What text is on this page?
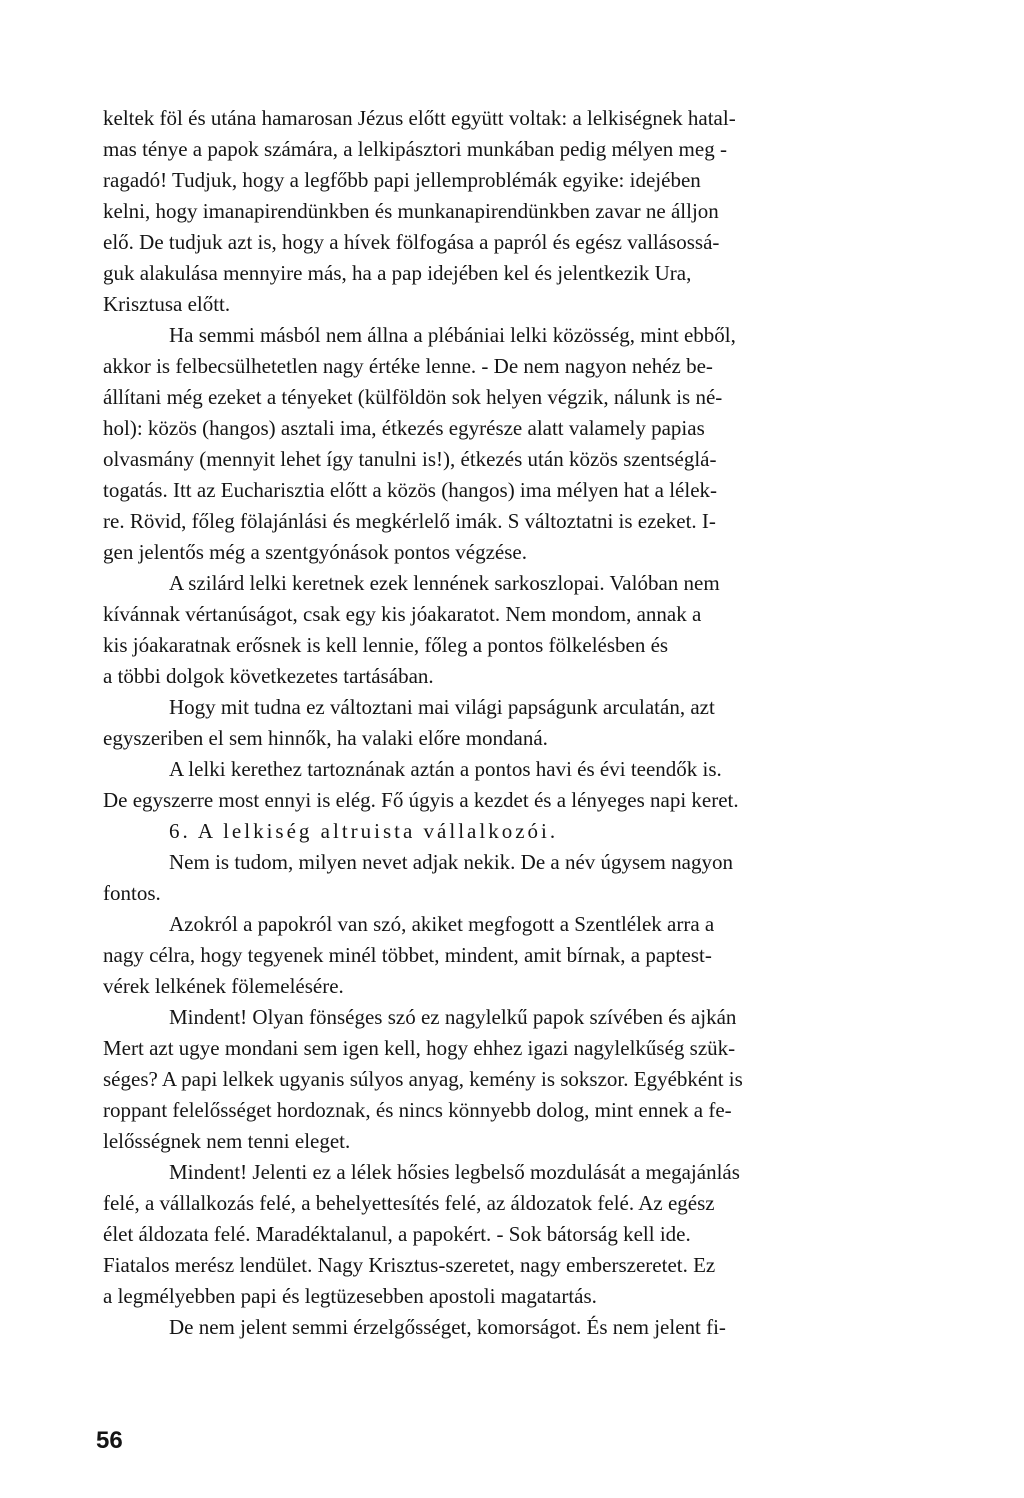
keltek föl és utána hamarosan Jézus előtt együtt voltak: a lelkiségnek hatal-
mas ténye a papok számára, a lelkipásztori munkában pedig mélyen meg -
ragadó! Tudjuk, hogy a legfőbb papi jellemproblémák egyike: idejében
kelni, hogy imanapirendünkben és munkanapirendünkben zavar ne álljon
elő. De tudjuk azt is, hogy a hívek fölfogása a papról és egész vallásossá-
guk alakulása mennyire más, ha a pap idejében kel és jelentkezik Ura,
Krisztusa előtt.
Ha semmi másból nem állna a plébániai lelki közösség, mint ebből,
akkor is felbecsülhetetlen nagy értéke lenne. - De nem nagyon nehéz be-
állítani még ezeket a tényeket (külföldön sok helyen végzik, nálunk is né-
hol): közös (hangos) asztali ima, étkezés egyrésze alatt valamely papias
olvasmány (mennyit lehet így tanulni is!), étkezés után közös szentséglá-
togatás. Itt az Eucharisztia előtt a közös (hangos) ima mélyen hat a lélek-
re. Rövid, főleg fölajánlási és megkérlelő imák. S változtatni is ezeket. I-
gen jelentős még a szentgyónások pontos végzése.
A szilárd lelki keretnek ezek lennének sarkoszlopai. Valóban nem
kívánnak vértanúságot, csak egy kis jóakaratot. Nem mondom, annak a
kis jóakaratnak erősnek is kell lennie, főleg a pontos fölkelésben és
a többi dolgok következetes tartásában.
Hogy mit tudna ez változtani mai világi papságunk arculatán, azt
egyszeriben el sem hinnők, ha valaki előre mondaná.
A lelki kerethez tartoznának aztán a pontos havi és évi teendők is.
De egyszerre most ennyi is elég. Fő úgyis a kezdet és a lényeges napi keret.
6. A lelkiség altruista vállalkozói.
Nem is tudom, milyen nevet adjak nekik. De a név úgysem nagyon
fontos.
Azokról a papokról van szó, akiket megfogott a Szentlélek arra a
nagy célra, hogy tegyenek minél többet, mindent, amit bírnak, a paptest-
vérek lelkének fölemelésére.
Mindent! Olyan fönséges szó ez nagylelkű papok szívében és ajkán
Mert azt ugye mondani sem igen kell, hogy ehhez igazi nagylelkűség szük-
séges? A papi lelkek ugyanis súlyos anyag, kemény is sokszor. Egyébként is
roppant felelősséget hordoznak, és nincs könnyebb dolog, mint ennek a fe-
lelősségnek nem tenni eleget.
Mindent! Jelenti ez a lélek hősies legbelső mozdulását a megajánlás
felé, a vállalkozás felé, a behelyettesítés felé, az áldozatok felé. Az egész
élet áldozata felé. Maradéktalanul, a papokért. - Sok bátorság kell ide.
Fiatalos merész lendület. Nagy Krisztus-szeretet, nagy emberszeretet. Ez
a legmélyebben papi és legtüzesebben apostoli magatartás.
De nem jelent semmi érzelgősséget, komorságot. És nem jelent fi-
56
